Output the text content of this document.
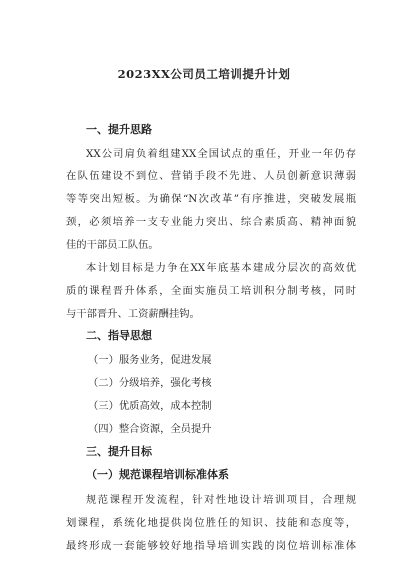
2023XX公司员工培训提升计划
一、提升思路
XX公司肩负着组建XX全国试点的重任，开业一年仍存
在队伍建设不到位、营销手段不先进、人员创新意识薄弱
等等突出短板。为确保“N次改革”有序推进，突破发展瓶
颈，必须培养一支专业能力突出、综合素质高、精神面貌
佳的干部员工队伍。
本计划目标是力争在XX年底基本建成分层次的高效优
质的课程晋升体系，全面实施员工培训积分制考核，同时
与干部晋升、工资薪酬挂钩。
二、指导思想
（一）服务业务，促进发展
（二）分级培养，强化考核
（三）优质高效，成本控制
（四）整合资源，全员提升
三、提升目标
（一）规范课程培训标准体系
规范课程开发流程，针对性地设计培训项目，合理规
划课程，系统化地提供岗位胜任的知识、技能和态度等，
最终形成一套能够较好地指导培训实践的岗位培训标准体
